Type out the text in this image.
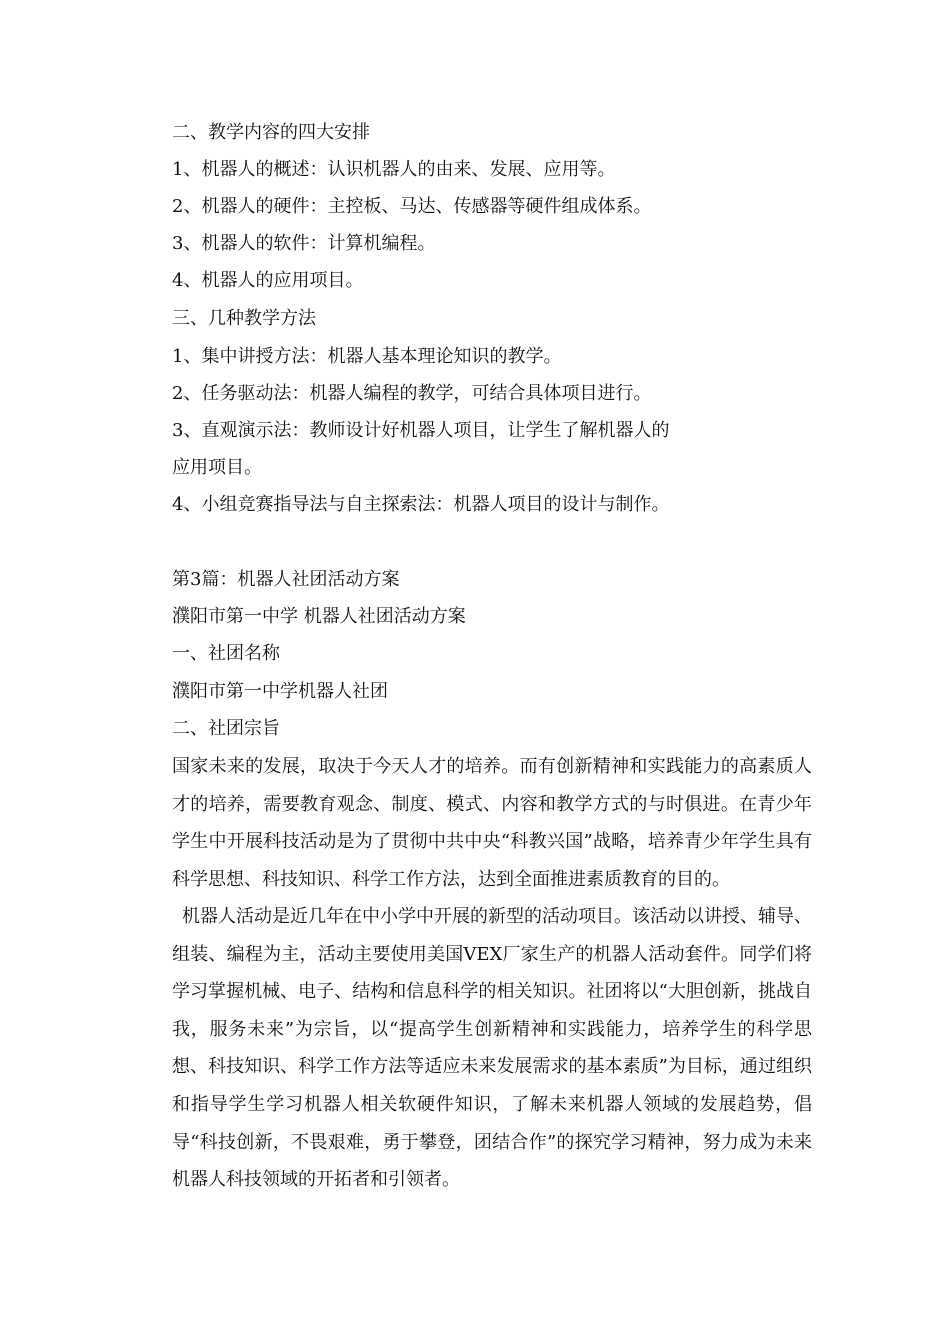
二、教学内容的四大安排
1、机器人的概述：认识机器人的由来、发展、应用等。
2、机器人的硬件：主控板、马达、传感器等硬件组成体系。
3、机器人的软件：计算机编程。
4、机器人的应用项目。
三、几种教学方法
1、集中讲授方法：机器人基本理论知识的教学。
2、任务驱动法：机器人编程的教学，可结合具体项目进行。
3、直观演示法：教师设计好机器人项目，让学生了解机器人的
应用项目。
4、小组竞赛指导法与自主探索法：机器人项目的设计与制作。
第3篇：机器人社团活动方案
濮阳市第一中学 机器人社团活动方案
一、社团名称
濮阳市第一中学机器人社团
二、社团宗旨

国家未来的发展，取决于今天人才的培养。而有创新精神和实践能力的高素质人才的培养，需要教育观念、制度、模式、内容和教学方式的与时俱进。在青少年学生中开展科技活动是为了贯彻中共中央“科教兴国”战略，培养青少年学生具有科学思想、科技知识、科学工作方法，达到全面推进素质教育的目的。

机器人活动是近几年在中小学中开展的新型的活动项目。该活动以讲授、辅导、组装、编程为主，活动主要使用美国VEX厂家生产的机器人活动套件。同学们将学习掌握机械、电子、结构和信息科学的相关知识。社团将以“大胆创新，挑战自我，服务未来”为宗旨，以“提高学生创新精神和实践能力，培养学生的科学思想、科技知识、科学工作方法等适应未来发展需求的基本素质”为目标，通过组织和指导学生学习机器人相关软硬件知识，了解未来机器人领域的发展趋势，倡导“科技创新，不畏艰难，勇于攀登，团结合作”的探究学习精神，努力成为未来机器人科技领域的开拓者和引领者。
